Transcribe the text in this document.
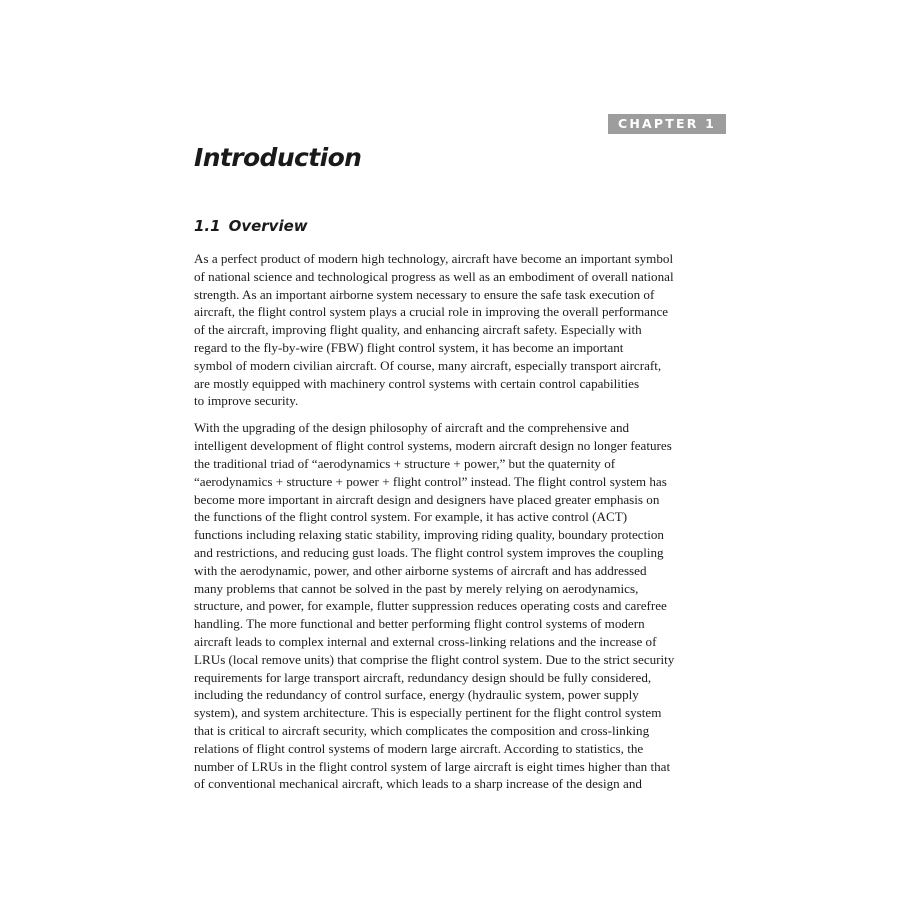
CHAPTER 1
Introduction
1.1 Overview

As a perfect product of modern high technology, aircraft have become an important symbol
of national science and technological progress as well as an embodiment of overall national
strength. As an important airborne system necessary to ensure the safe task execution of
aircraft, the flight control system plays a crucial role in improving the overall performance
of the aircraft, improving flight quality, and enhancing aircraft safety. Especially with
regard to the fly-by-wire (FBW) flight control system, it has become an important
symbol of modern civilian aircraft. Of course, many aircraft, especially transport aircraft,
are mostly equipped with machinery control systems with certain control capabilities
to improve security.

With the upgrading of the design philosophy of aircraft and the comprehensive and
intelligent development of flight control systems, modern aircraft design no longer features
the traditional triad of “aerodynamics + structure + power,” but the quaternity of
“aerodynamics + structure + power + flight control” instead. The flight control system has
become more important in aircraft design and designers have placed greater emphasis on
the functions of the flight control system. For example, it has active control (ACT)
functions including relaxing static stability, improving riding quality, boundary protection
and restrictions, and reducing gust loads. The flight control system improves the coupling
with the aerodynamic, power, and other airborne systems of aircraft and has addressed
many problems that cannot be solved in the past by merely relying on aerodynamics,
structure, and power, for example, flutter suppression reduces operating costs and carefree
handling. The more functional and better performing flight control systems of modern
aircraft leads to complex internal and external cross-linking relations and the increase of
LRUs (local remove units) that comprise the flight control system. Due to the strict security
requirements for large transport aircraft, redundancy design should be fully considered,
including the redundancy of control surface, energy (hydraulic system, power supply
system), and system architecture. This is especially pertinent for the flight control system
that is critical to aircraft security, which complicates the composition and cross-linking
relations of flight control systems of modern large aircraft. According to statistics, the
number of LRUs in the flight control system of large aircraft is eight times higher than that
of conventional mechanical aircraft, which leads to a sharp increase of the design and
